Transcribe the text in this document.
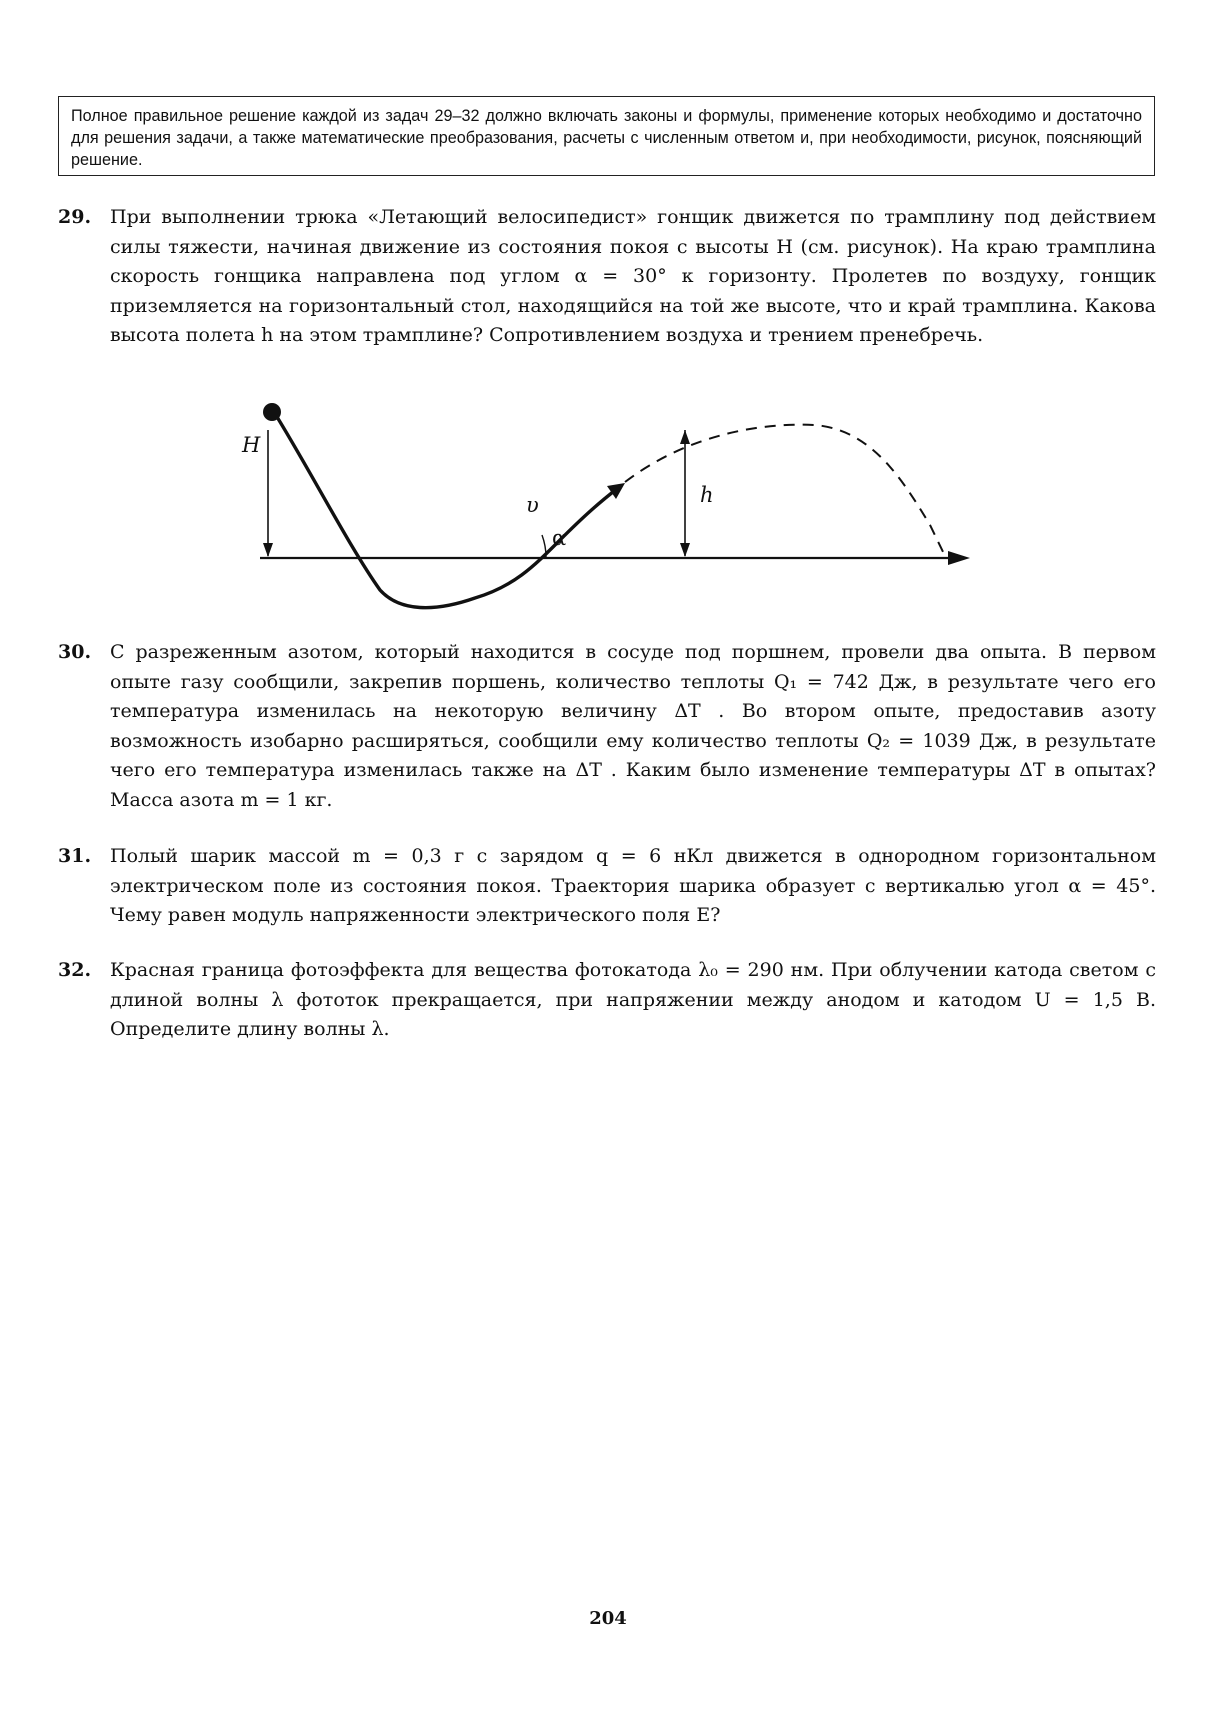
Полное правильное решение каждой из задач 29–32 должно включать законы и формулы, применение которых необходимо и достаточно для решения задачи, а также математические преобразования, расчеты с численным ответом и, при необходимости, рисунок, поясняющий решение.
29. При выполнении трюка «Летающий велосипедист» гонщик движется по трамплину под действием силы тяжести, начиная движение из состояния покоя с высоты H (см. рисунок). На краю трамплина скорость гонщика направлена под углом α = 30° к горизонту. Пролетев по воздуху, гонщик приземляется на горизонтальный стол, находящийся на той же высоте, что и край трамплина. Какова высота полета h на этом трамплине? Сопротивлением воздуха и трением пренебречь.

H
h
υ
α
30. С разреженным азотом, который находится в сосуде под поршнем, провели два опыта. В первом опыте газу сообщили, закрепив поршень, количество теплоты Q₁ = 742 Дж, в результате чего его температура изменилась на некоторую величину ΔT . Во втором опыте, предоставив азоту возможность изобарно расширяться, сообщили ему количество теплоты Q₂ = 1039 Дж, в результате чего его температура изменилась также на ΔT . Каким было изменение температуры ΔT в опытах? Масса азота m = 1 кг.

31. Полый шарик массой m = 0,3 г с зарядом q = 6 нКл движется в однородном горизонтальном электрическом поле из состояния покоя. Траектория шарика образует с вертикалью угол α = 45°. Чему равен модуль напряженности электрического поля E?

32. Красная граница фотоэффекта для вещества фотокатода λ₀ = 290 нм. При облучении катода светом с длиной волны λ фототок прекращается, при напряжении между анодом и катодом U = 1,5 В. Определите длину волны λ.

204
